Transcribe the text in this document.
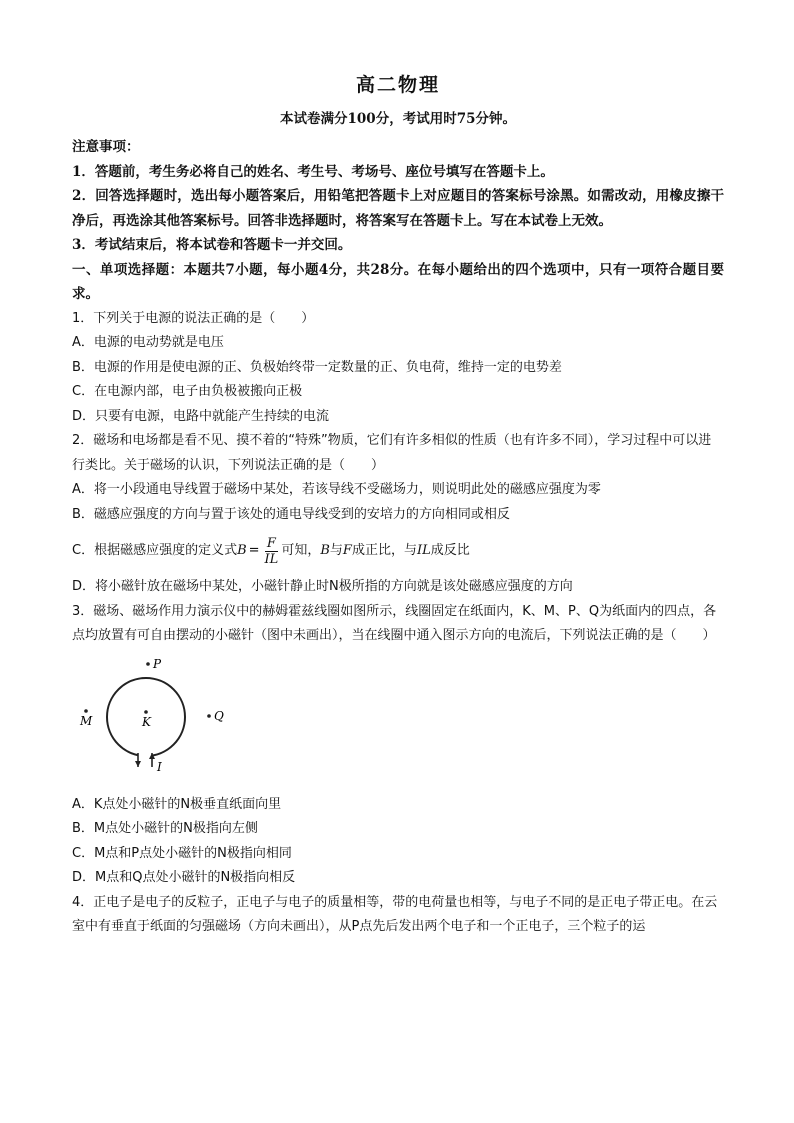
高二物理
本试卷满分100分，考试用时75分钟。
注意事项：
1．答题前，考生务必将自己的姓名、考生号、考场号、座位号填写在答题卡上。
2．回答选择题时，选出每小题答案后，用铅笔把答题卡上对应题目的答案标号涂黑。如需改动，用橡皮擦干净后，再选涂其他答案标号。回答非选择题时，将答案写在答题卡上。写在本试卷上无效。
3．考试结束后，将本试卷和答题卡一并交回。
一、单项选择题：本题共7小题，每小题4分，共28分。在每小题给出的四个选项中，只有一项符合题目要求。
1．下列关于电源的说法正确的是（　　）
A．电源的电动势就是电压
B．电源的作用是使电源的正、负极始终带一定数量的正、负电荷，维持一定的电势差
C．在电源内部，电子由负极被搬向正极
D．只要有电源，电路中就能产生持续的电流
2．磁场和电场都是看不见、摸不着的“特殊”物质，它们有许多相似的性质（也有许多不同），学习过程中可以进行类比。关于磁场的认识，下列说法正确的是（　　）
A．将一小段通电导线置于磁场中某处，若该导线不受磁场力，则说明此处的磁感应强度为零
B．磁感应强度的方向与置于该处的通电导线受到的安培力的方向相同或相反
C．根据磁感应强度的定义式 $B = \frac{F}{IL}$ 可知， B 与 F 成正比，与 IL 成反比
D．将小磁针放在磁场中某处，小磁针静止时N极所指的方向就是该处磁感应强度的方向
3．磁场、磁场作用力演示仪中的赫姆霍兹线圈如图所示，线圈固定在纸面内，K、M、P、Q为纸面内的四点，各点均放置有可自由摆动的小磁针（图中未画出），当在线圈中通入图示方向的电流后，下列说法正确的是（　　）
P
M	K	Q
I
A．K点处小磁针的N极垂直纸面向里
B．M点处小磁针的N极指向左侧
C．M点和P点处小磁针的N极指向相同
D．M点和Q点处小磁针的N极指向相反
4．正电子是电子的反粒子，正电子与电子的质量相等，带的电荷量也相等，与电子不同的是正电子带正电。在云室中有垂直于纸面的匀强磁场（方向未画出），从P点先后发出两个电子和一个正电子，三个粒子的运
